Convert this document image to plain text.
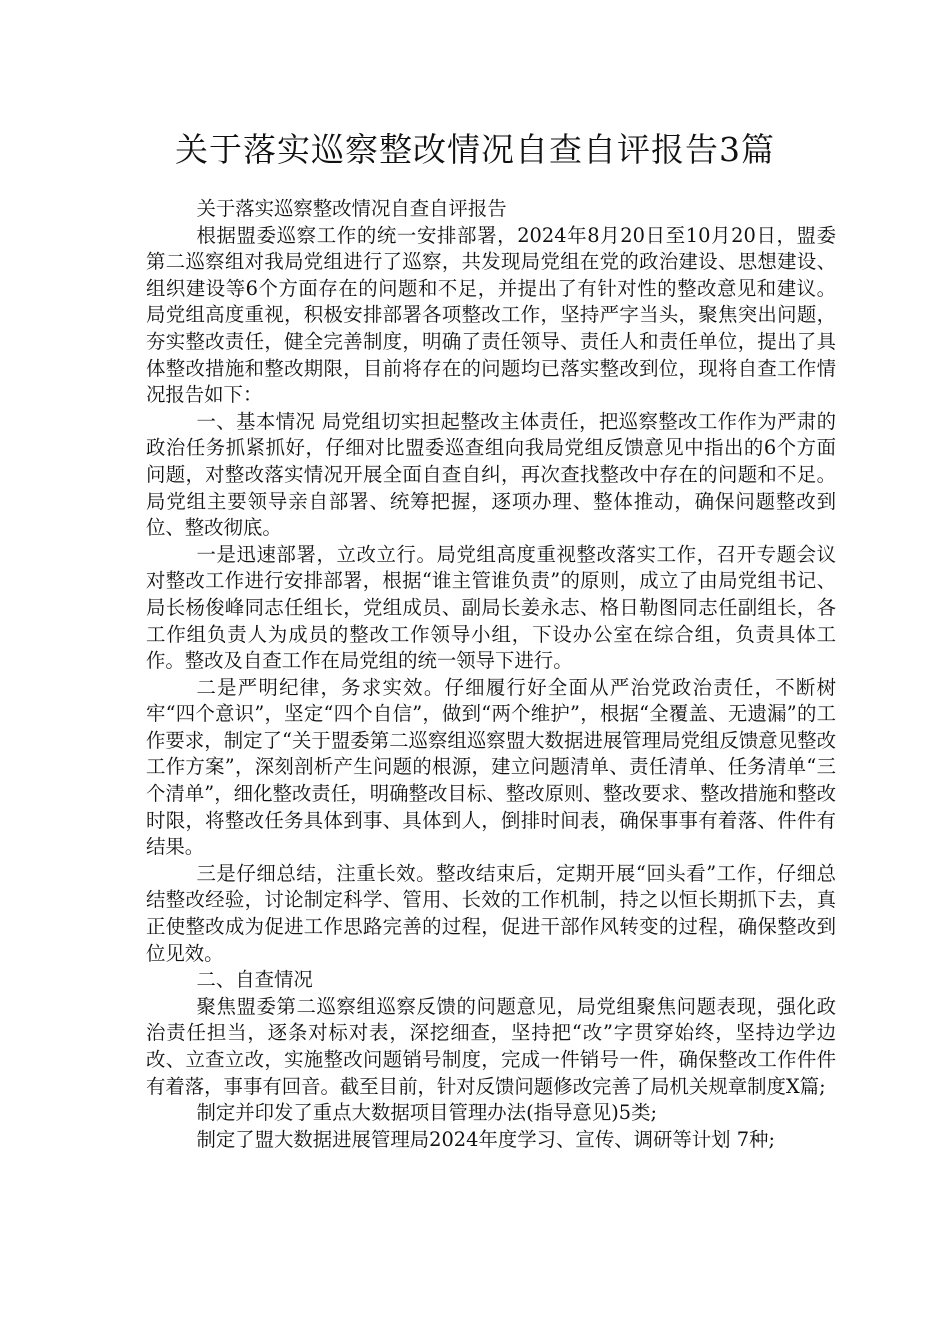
关于落实巡察整改情况自查自评报告3篇

关于落实巡察整改情况自查自评报告

根据盟委巡察工作的统一安排部署，2024年8月20日至10月20日，盟委第二巡察组对我局党组进行了巡察，共发现局党组在党的政治建设、思想建设、组织建设等6个方面存在的问题和不足，并提出了有针对性的整改意见和建议。局党组高度重视，积极安排部署各项整改工作，坚持严字当头，聚焦突出问题，夯实整改责任，健全完善制度，明确了责任领导、责任人和责任单位，提出了具体整改措施和整改期限，目前将存在的问题均已落实整改到位，现将自查工作情况报告如下：

一、基本情况 局党组切实担起整改主体责任，把巡察整改工作作为严肃的政治任务抓紧抓好，仔细对比盟委巡查组向我局党组反馈意见中指出的6个方面问题，对整改落实情况开展全面自查自纠，再次查找整改中存在的问题和不足。局党组主要领导亲自部署、统筹把握，逐项办理、整体推动，确保问题整改到位、整改彻底。

一是迅速部署，立改立行。局党组高度重视整改落实工作，召开专题会议对整改工作进行安排部署，根据“谁主管谁负责”的原则，成立了由局党组书记、局长杨俊峰同志任组长，党组成员、副局长姜永志、格日勒图同志任副组长，各工作组负责人为成员的整改工作领导小组，下设办公室在综合组，负责具体工作。整改及自查工作在局党组的统一领导下进行。

二是严明纪律，务求实效。仔细履行好全面从严治党政治责任，不断树牢“四个意识”，坚定“四个自信”，做到“两个维护”，根据“全覆盖、无遗漏”的工作要求，制定了“关于盟委第二巡察组巡察盟大数据进展管理局党组反馈意见整改工作方案”，深刻剖析产生问题的根源，建立问题清单、责任清单、任务清单“三个清单”，细化整改责任，明确整改目标、整改原则、整改要求、整改措施和整改时限，将整改任务具体到事、具体到人，倒排时间表，确保事事有着落、件件有结果。

三是仔细总结，注重长效。整改结束后，定期开展“回头看”工作，仔细总结整改经验，讨论制定科学、管用、长效的工作机制，持之以恒长期抓下去，真正使整改成为促进工作思路完善的过程，促进干部作风转变的过程，确保整改到位见效。

二、自查情况

聚焦盟委第二巡察组巡察反馈的问题意见，局党组聚焦问题表现，强化政治责任担当，逐条对标对表，深挖细查，坚持把“改”字贯穿始终，坚持边学边改、立查立改，实施整改问题销号制度，完成一件销号一件，确保整改工作件件有着落，事事有回音。截至目前，针对反馈问题修改完善了局机关规章制度X篇;

制定并印发了重点大数据项目管理办法(指导意见)5类;

制定了盟大数据进展管理局2024年度学习、宣传、调研等计划 7种;
